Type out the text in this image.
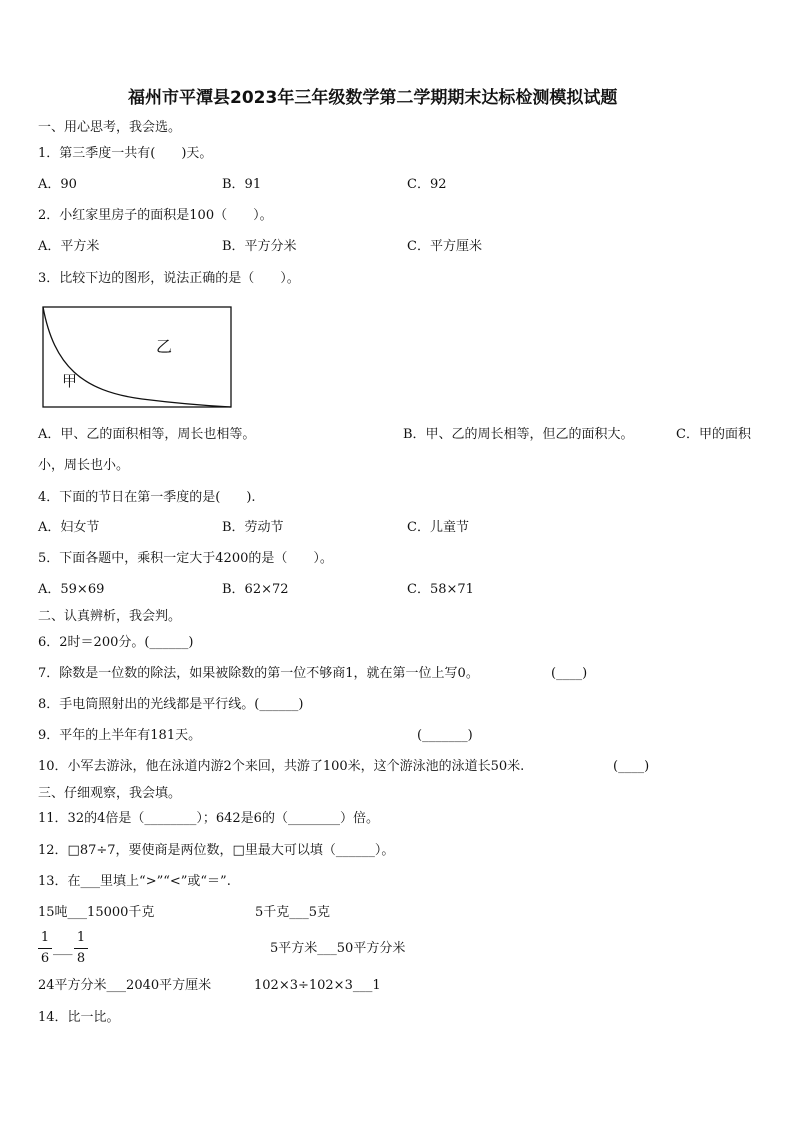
福州市平潭县2023年三年级数学第二学期期末达标检测模拟试题
一、用心思考，我会选。
1．第三季度一共有(　　)天。
A．90	B．91	C．92
2．小红家里房子的面积是100（　　）。
A．平方米	B．平方分米	C．平方厘米
3．比较下边的图形，说法正确的是（　　）。
乙
甲
A．甲、乙的面积相等，周长也相等。	B．甲、乙的周长相等，但乙的面积大。	C．甲的面积
小，周长也小。
4．下面的节日在第一季度的是(　　).
A．妇女节	B．劳动节	C．儿童节
5．下面各题中，乘积一定大于4200的是（　　）。
A．59×69	B．62×72	C．58×71
二、认真辨析，我会判。
6．2时＝200分。(______)
7．除数是一位数的除法，如果被除数的第一位不够商1，就在第一位上写0。	(____)
8．手电筒照射出的光线都是平行线。(______)
9．平年的上半年有181天。	(_______)
10．小军去游泳，他在泳道内游2个来回，共游了100米，这个游泳池的泳道长50米.	(____)
三、仔细观察，我会填。
11．32的4倍是（________）；642是6的（________）倍。
12．□87÷7，要使商是两位数，□里最大可以填（______）。
13．在___里填上“>”“<”或“＝”.
15吨___15000千克	5千克___5克
1
6
___
1
8
5平方米___50平方分米
24平方分米___2040平方厘米	102×3÷102×3___1
14．比一比。
